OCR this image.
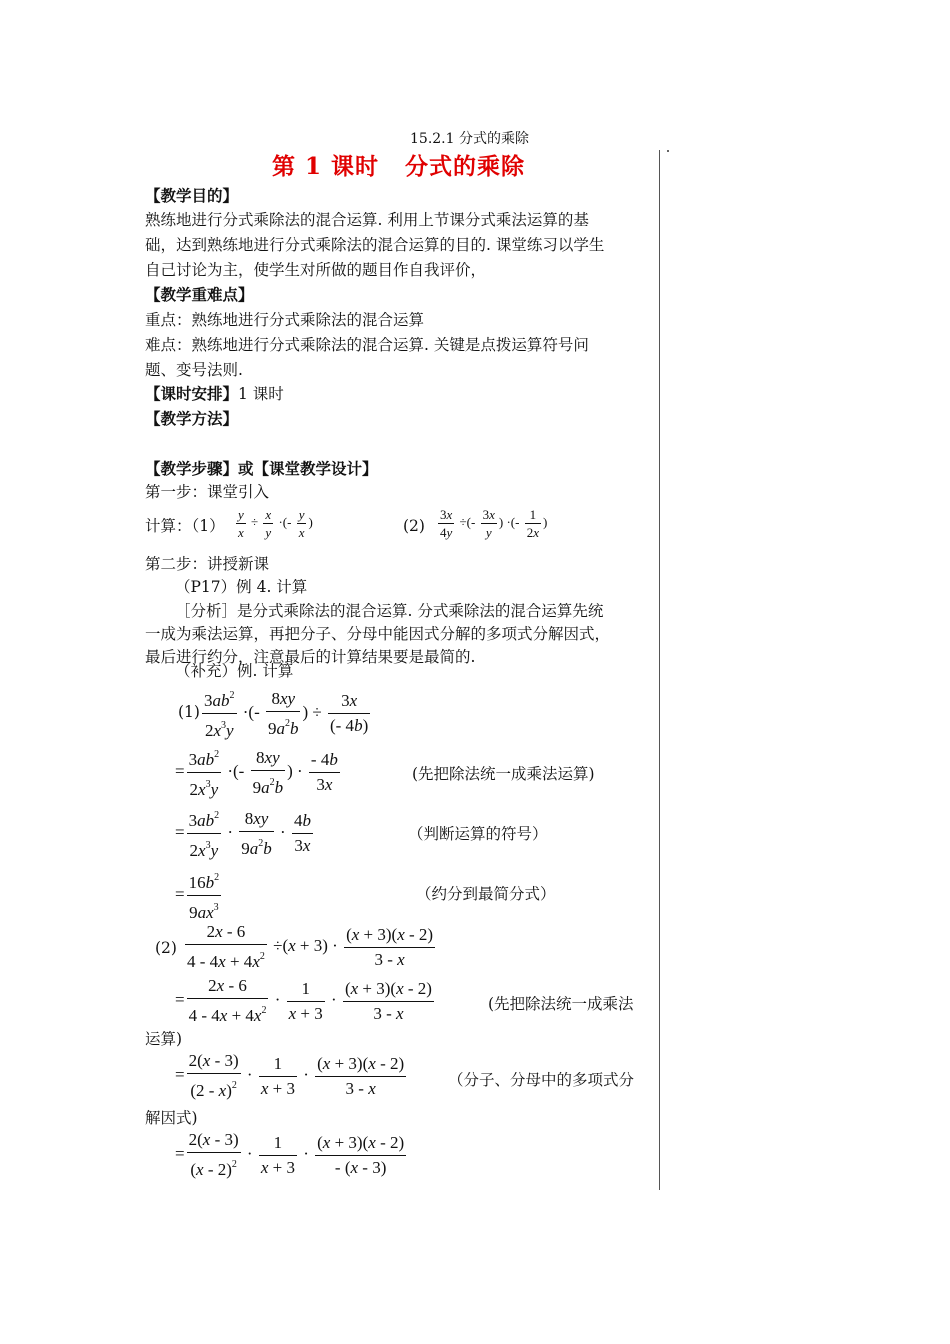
15.2.1 分式的乘除
第 1 课时 分式的乘除
【教学目的】
熟练地进行分式乘除法的混合运算. 利用上节课分式乘法运算的基
础，达到熟练地进行分式乘除法的混合运算的目的. 课堂练习以学生
自己讨论为主，使学生对所做的题目作自我评价，
【教学重难点】
重点：熟练地进行分式乘除法的混合运算
难点：熟练地进行分式乘除法的混合运算. 关键是点拨运算符号问
题、变号法则.
【课时安排】1 课时
【教学方法】
【教学步骤】或【课堂教学设计】
第一步：课堂引入
计算：$(1) \frac{y}{x} \div \frac{x}{y}$ ·(- $\frac{y}{x}$ )	$(2) \frac{3x}{4y}$ ÷(- $\frac{3x}{y}$ ) ·(- $\frac{1}{2x}$ )
第二步：讲授新课
（P17）例 4. 计算
［分析］是分式乘除法的混合运算. 分式乘除法的混合运算先统
一成为乘法运算，再把分子、分母中能因式分解的多项式分解因式，
最后进行约分，注意最后的计算结果要是最简的.
（补充）例. 计算
$(1) \frac{3ab^2}{2x^3y}$ ·(- $\frac{8xy}{9a^2b}$ ) ÷ $\frac{3x}{(- 4b)}$
= $\frac{3ab^2}{2x^3y}$ ·(- $\frac{8xy}{9a^2b}$ ) · $\frac{- 4b}{3x}$	(先把除法统一成乘法运算)
= $\frac{3ab^2}{2x^3y} \cdot \frac{8xy}{9a^2b} \cdot \frac{4b}{3x}$	（判断运算的符号）
= $\frac{16b^2}{9ax^3}$	（约分到最简分式）
$(2) \frac{2x - 6}{4 - 4x + 4x^2} \div(x + 3) \cdot \frac{(x + 3)(x - 2)}{3 - x}$
= $\frac{2x - 6}{4 - 4x + 4x^2} \cdot \frac{1}{x + 3} \cdot \frac{(x + 3)(x - 2)}{3 - x}$	(先把除法统一成乘法
运算)
= $\frac{2(x - 3)}{(2 - x)^2} \cdot \frac{1}{x + 3} \cdot \frac{(x + 3)(x - 2)}{3 - x}$	（分子、分母中的多项式分
解因式)
= $\frac{2(x - 3)}{(x - 2)^2} \cdot \frac{1}{x + 3} \cdot \frac{(x + 3)(x - 2)}{- (x - 3)}$
